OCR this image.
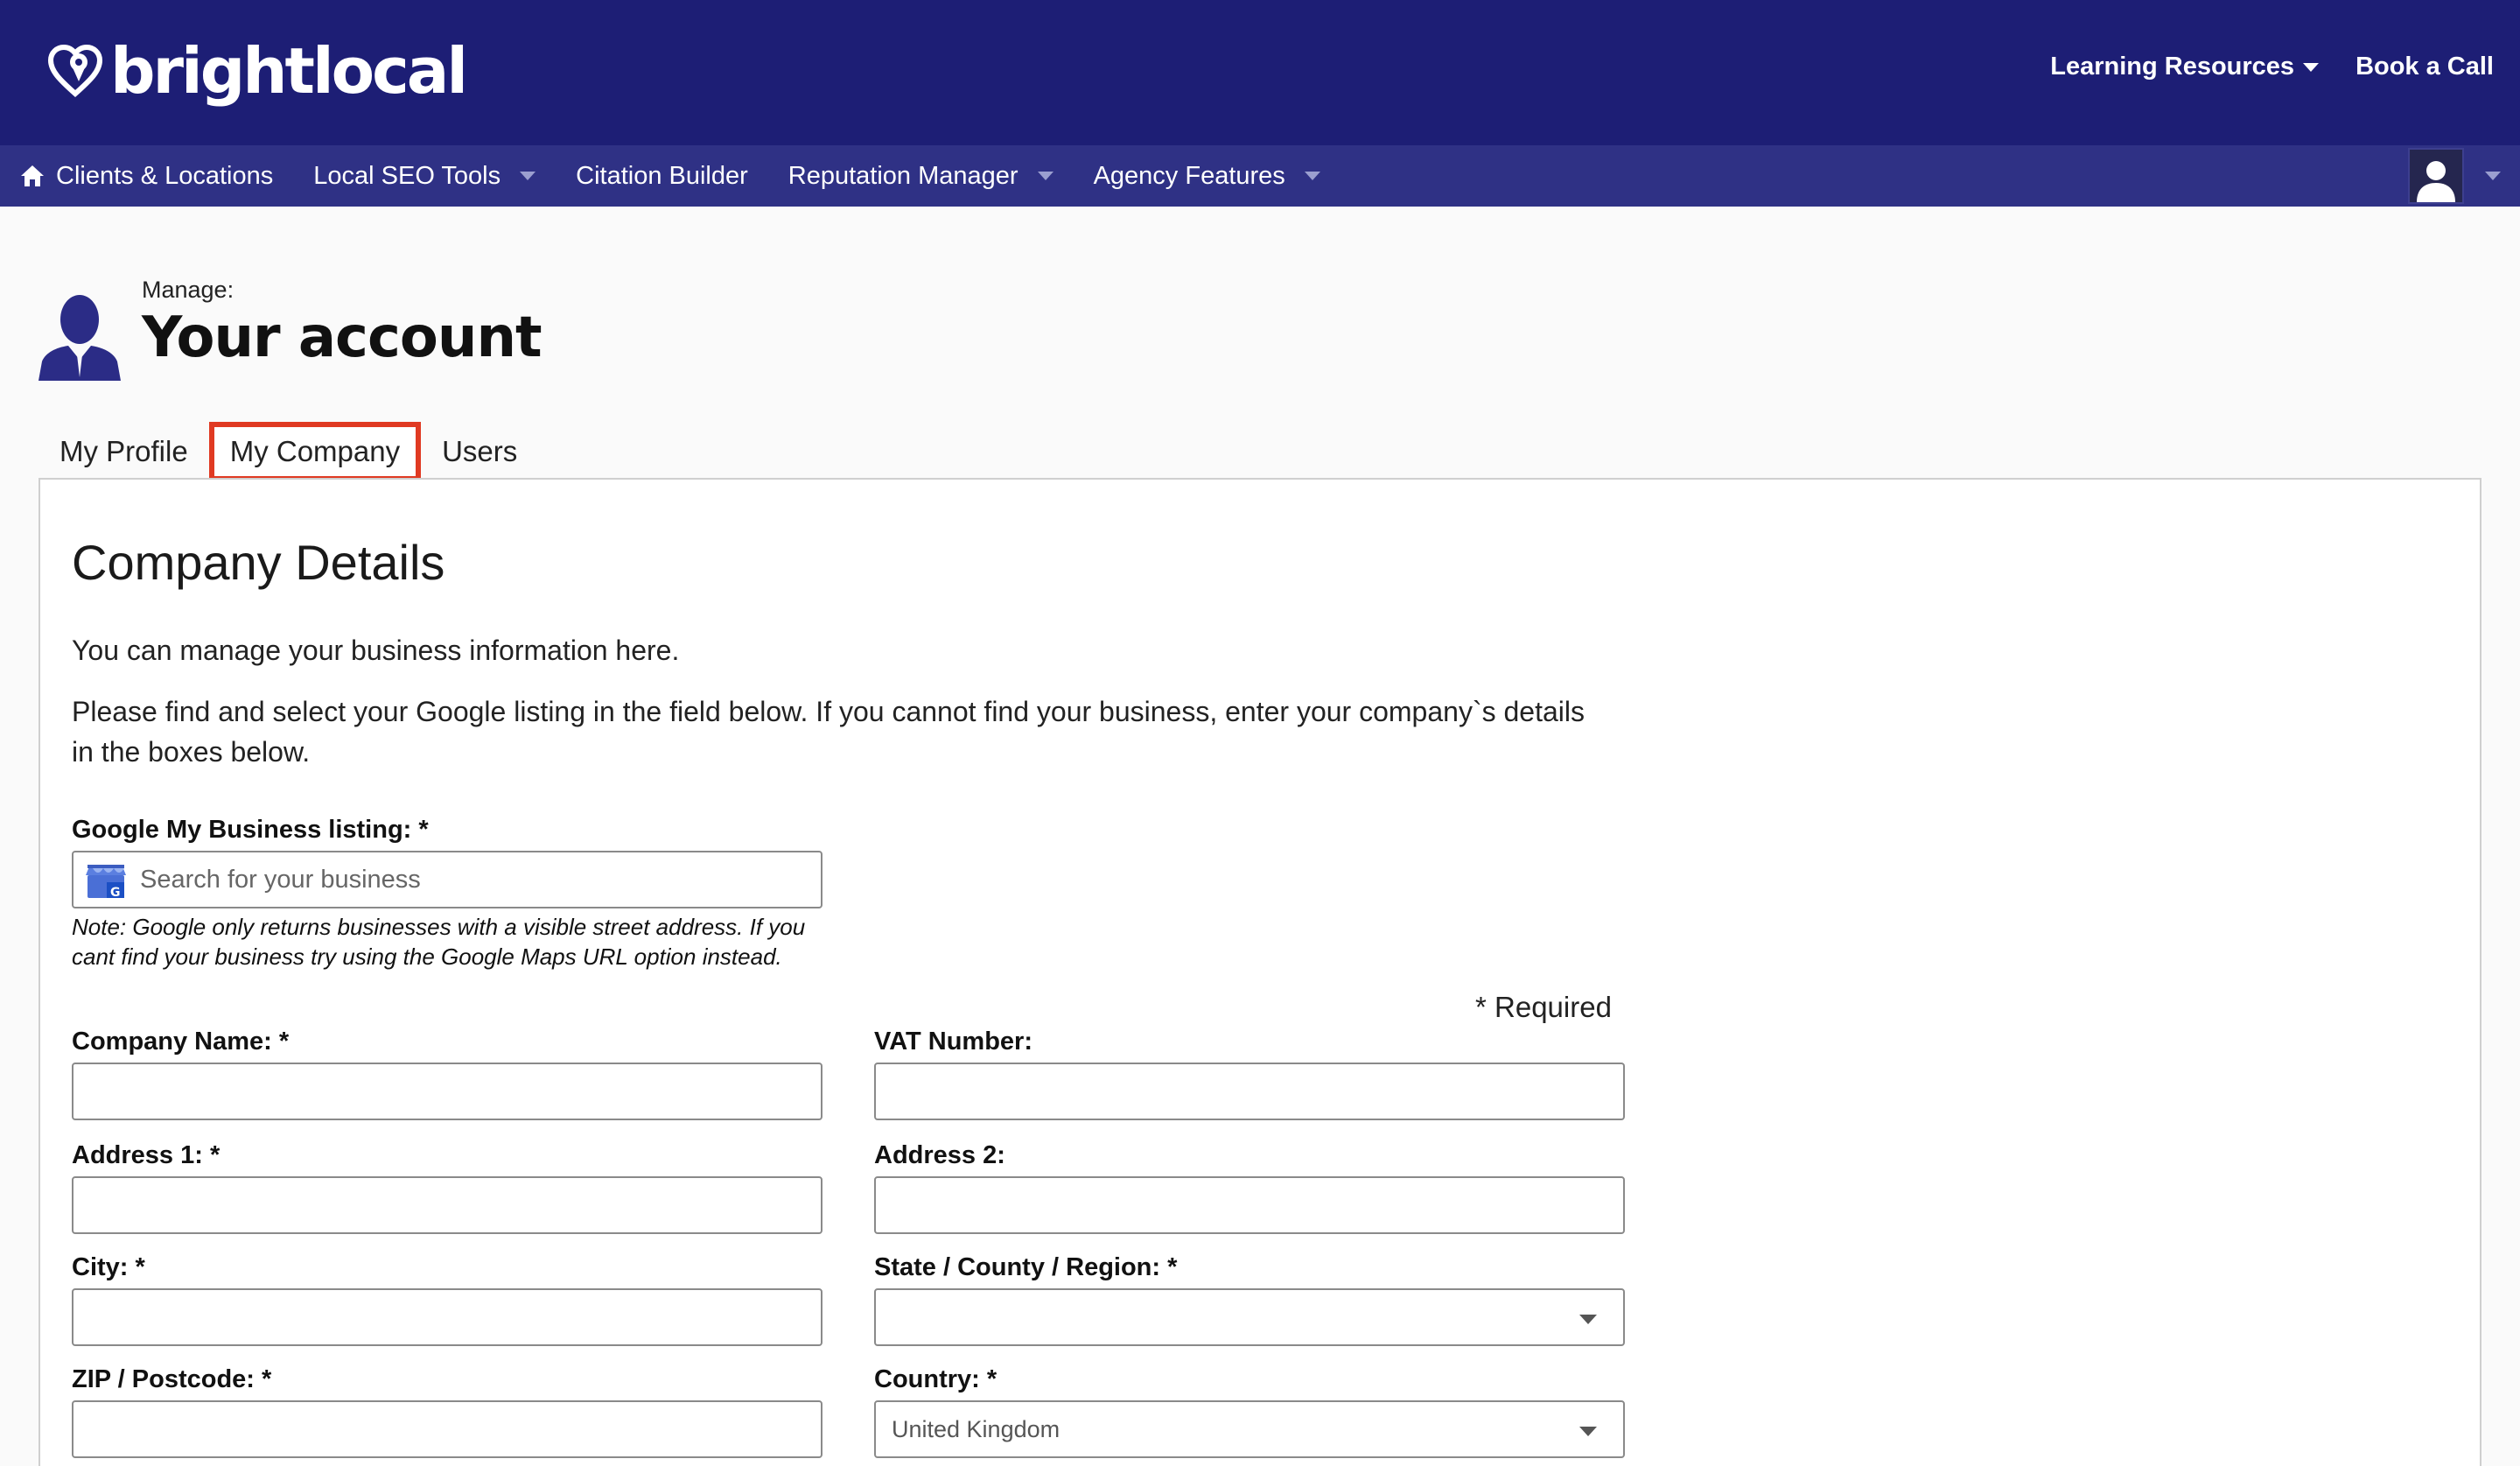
brightlocal	Learning Resources Book a Call
Clients & Locations Local SEO Tools	Citation Builder Reputation Manager	Agency Features
Manage:
Your account
My Profile	My Company	Users
Company Details
You can manage your business information here.
Please find and select your Google listing in the field below. If you cannot find your business, enter your company`s details
in the boxes below.
Google My Business listing: *
G
Search for your business
Note: Google only returns businesses with a visible street address. If you
cant find your business try using the Google Maps URL option instead.
* Required
Company Name: *	VAT Number:
Address 1: *	Address 2:
City: *	State / County / Region: *
ZIP / Postcode: *	Country: *
United Kingdom
